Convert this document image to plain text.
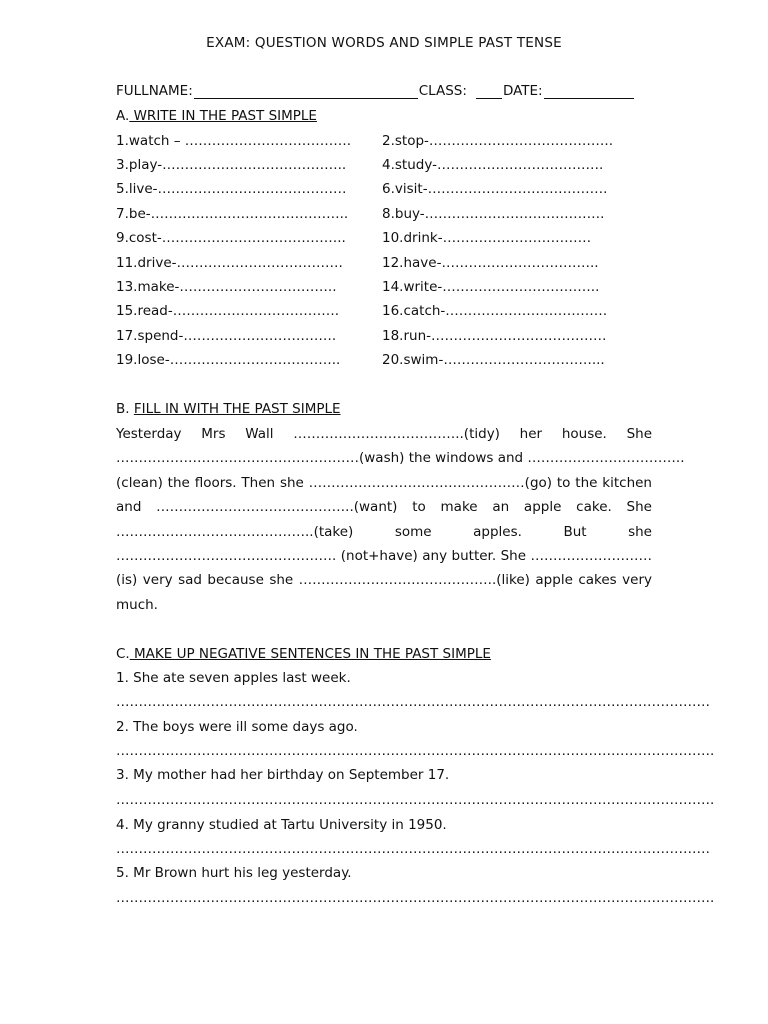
EXAM: QUESTION WORDS AND SIMPLE PAST TENSE
FULLNAME:	CLASS:	DATE:
A. WRITE IN THE PAST SIMPLE
1.watch – ………………………………. 2.stop-…………………………………..
3.play-…………………………………..	4.study-……………………………….
5.live-……………………………………	6.visit-………………………………….
7.be-……………………………………..	8.buy-………………………………….
9.cost-…………………………………..	10.drink-……………………………
11.drive-……………………………….	12.have-……………………………..
13.make-……………………………..	14.write-……………………………..
15.read-……………………………….	16.catch-………………………………
17.spend-…………………………….	18.run-…………………………………
19.lose-………………………………..	20.swim-……………………………...
B. FILL IN WITH THE PAST SIMPLE
Yesterday Mrs Wall ………………………………..(tidy) her house. She
………………………………………………(wash) the windows and ……………………………..
(clean) the floors. Then she …………………………………………(go) to the kitchen
and ……………………………………..(want) to make an apple cake. She
……………………………………..(take) some apples. But she
…………………………………………. (not+have) any butter. She ………………………
(is) very sad because she ……………………………………..(like) apple cakes very
much.
C. MAKE UP NEGATIVE SENTENCES IN THE PAST SIMPLE
1. She ate seven apples last week.
……………………………………………………………………………………………………………………
2. The boys were ill some days ago.
…………………………………………………………………………………………………………………….
3. My mother had her birthday on September 17.
…………………………………………………………………………………………………………………….
4. My granny studied at Tartu University in 1950.
……………………………………………………………………………………………………………………
5. Mr Brown hurt his leg yesterday.
…………………………………………………………………………………………………………………….
